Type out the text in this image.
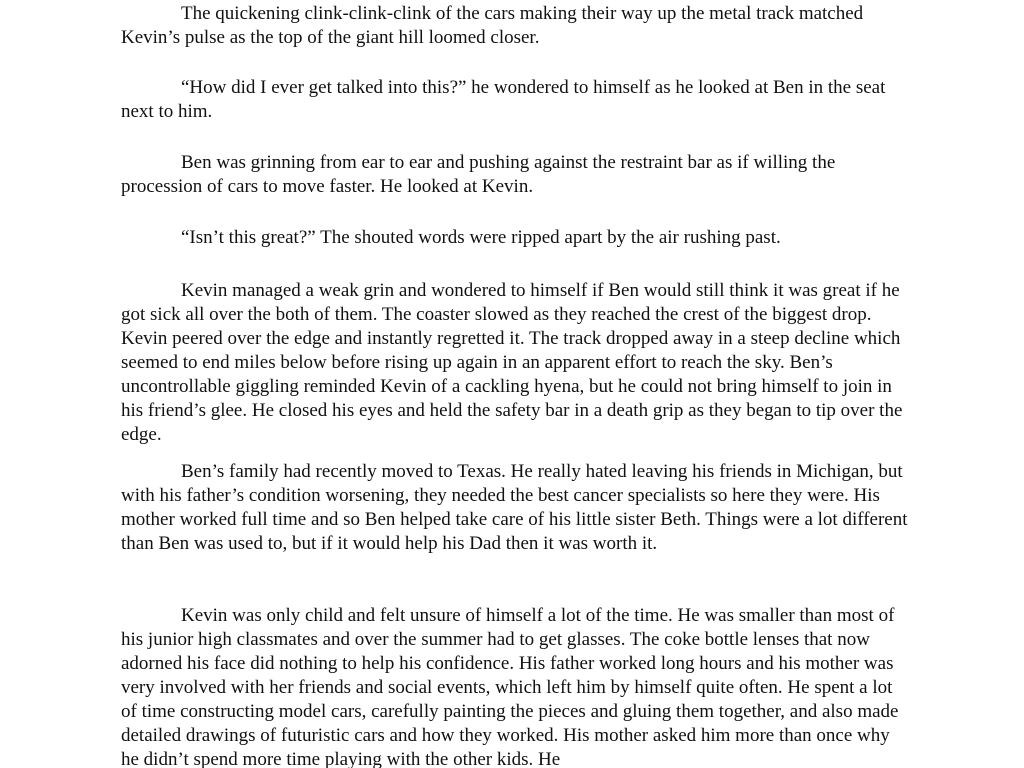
The quickening clink-clink-clink of the cars making their way up the metal track matched Kevin’s pulse as the top of the giant hill loomed closer.

“How did I ever get talked into this?” he wondered to himself as he looked at Ben in the seat next to him.

Ben was grinning from ear to ear and pushing against the restraint bar as if willing the procession of cars to move faster. He looked at Kevin.

“Isn’t this great?” The shouted words were ripped apart by the air rushing past.

Kevin managed a weak grin and wondered to himself if Ben would still think it was great if he got sick all over the both of them. The coaster slowed as they reached the crest of the biggest drop. Kevin peered over the edge and instantly regretted it. The track dropped away in a steep decline which seemed to end miles below before rising up again in an apparent effort to reach the sky. Ben’s uncontrollable giggling reminded Kevin of a cackling hyena, but he could not bring himself to join in his friend’s glee. He closed his eyes and held the safety bar in a death grip as they began to tip over the edge.

Ben’s family had recently moved to Texas. He really hated leaving his friends in Michigan, but with his father’s condition worsening, they needed the best cancer specialists so here they were. His mother worked full time and so Ben helped take care of his little sister Beth. Things were a lot different than Ben was used to, but if it would help his Dad then it was worth it.

Kevin was only child and felt unsure of himself a lot of the time. He was smaller than most of his junior high classmates and over the summer had to get glasses. The coke bottle lenses that now adorned his face did nothing to help his confidence. His father worked long hours and his mother was very involved with her friends and social events, which left him by himself quite often. He spent a lot of time constructing model cars, carefully painting the pieces and gluing them together, and also made detailed drawings of futuristic cars and how they worked. His mother asked him more than once why he didn’t spend more time playing with the other kids. He
